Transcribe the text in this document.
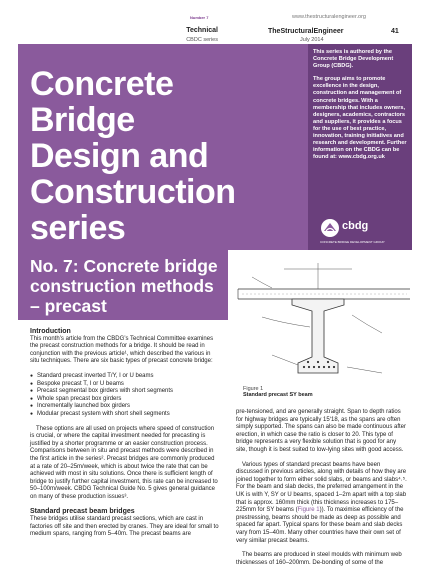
Number 7	www.thestructuralengineer.org
Technical
CBDC series
TheStructuralEngineer
July 2014
41
Concrete
Bridge
Design and
Construction
series

This series is authored by the Concrete Bridge Development Group (CBDG).

The group aims to promote excellence in the design, construction and management of concrete bridges. With a membership that includes owners, designers, academics, contractors and suppliers, it provides a focus for the use of best practice, innovation, training initiatives and research and development. Further information on the CBDG can be found at: www.cbdg.org.uk

cbdg
CONCRETE BRIDGE DEVELOPMENT GROUP
No. 7: Concrete bridge construction methods – precast
Figure 1
Standard precast SY beam
Introduction

This month’s article from the CBDG’s Technical Committee examines the precast construction methods for a bridge. It should be read in conjunction with the previous article¹, which described the various in situ techniques. There are six basic types of precast concrete bridge:

● Standard precast inverted T/Y, I or U beams
● Bespoke precast T, I or U beams
● Precast segmental box girders with short segments
● Whole span precast box girders
● Incrementally launched box girders
● Modular precast system with short shell segments

These options are all used on projects where speed of construction is crucial, or where the capital investment needed for precasting is justified by a shorter programme or an easier construction process. Comparisons between in situ and precast methods were described in the first article in the series². Precast bridges are commonly produced at a rate of 20–25m/week, which is about twice the rate that can be achieved with most in situ solutions. Once there is sufficient length of bridge to justify further capital investment, this rate can be increased to 50–100m/week. CBDG Technical Guide No. 5 gives general guidance on many of these production issues³.

Standard precast beam bridges

These bridges utilise standard precast sections, which are cast in factories off site and then erected by cranes. They are ideal for small to medium spans, ranging from 5–40m. The precast beams are

pre-tensioned, and are generally straight. Span to depth ratios for highway bridges are typically 15‘18, as the spans are often simply supported. The spans can also be made continuous after erection, in which case the ratio is closer to 20. This type of bridge represents a very flexible solution that is good for any site, though it is best suited to low-lying sites with good access.

Various types of standard precast beams have been discussed in previous articles, along with details of how they are joined together to form either solid slabs, or beams and slabs⁴˒⁵. For the beam and slab decks, the preferred arrangement in the UK is with Y, SY or U beams, spaced 1–2m apart with a top slab that is approx. 160mm thick (this thickness increases to 175–225mm for SY beams (Figure 1)). To maximise efficiency of the prestressing, beams should be made as deep as possible and spaced far apart. Typical spans for these beam and slab decks vary from 15–40m. Many other countries have their own set of very similar precast beams.

The beams are produced in steel moulds with minimum web thicknesses of 160–200mm. De-bonding of some of the
